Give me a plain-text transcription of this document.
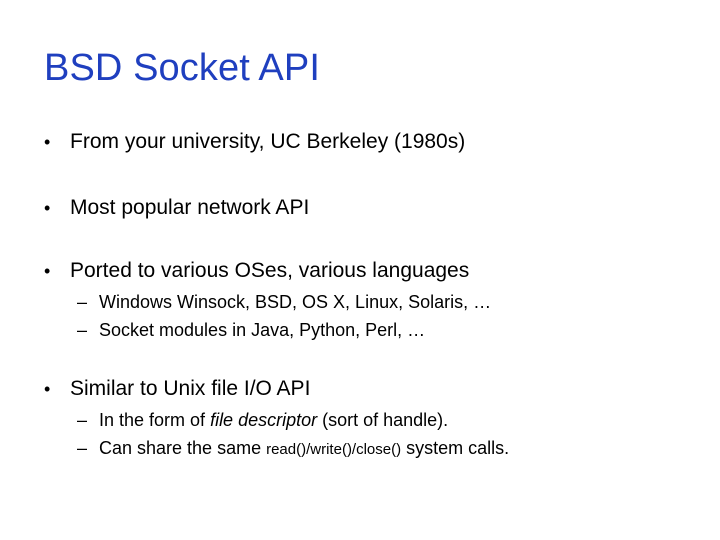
BSD Socket API
• From your university, UC Berkeley (1980s)
• Most popular network API
• Ported to various OSes, various languages
– Windows Winsock, BSD, OS X, Linux, Solaris, …
– Socket modules in Java, Python, Perl, …
• Similar to Unix file I/O API
– In the form of file descriptor (sort of handle).
– Can share the same read()/write()/close() system calls.
